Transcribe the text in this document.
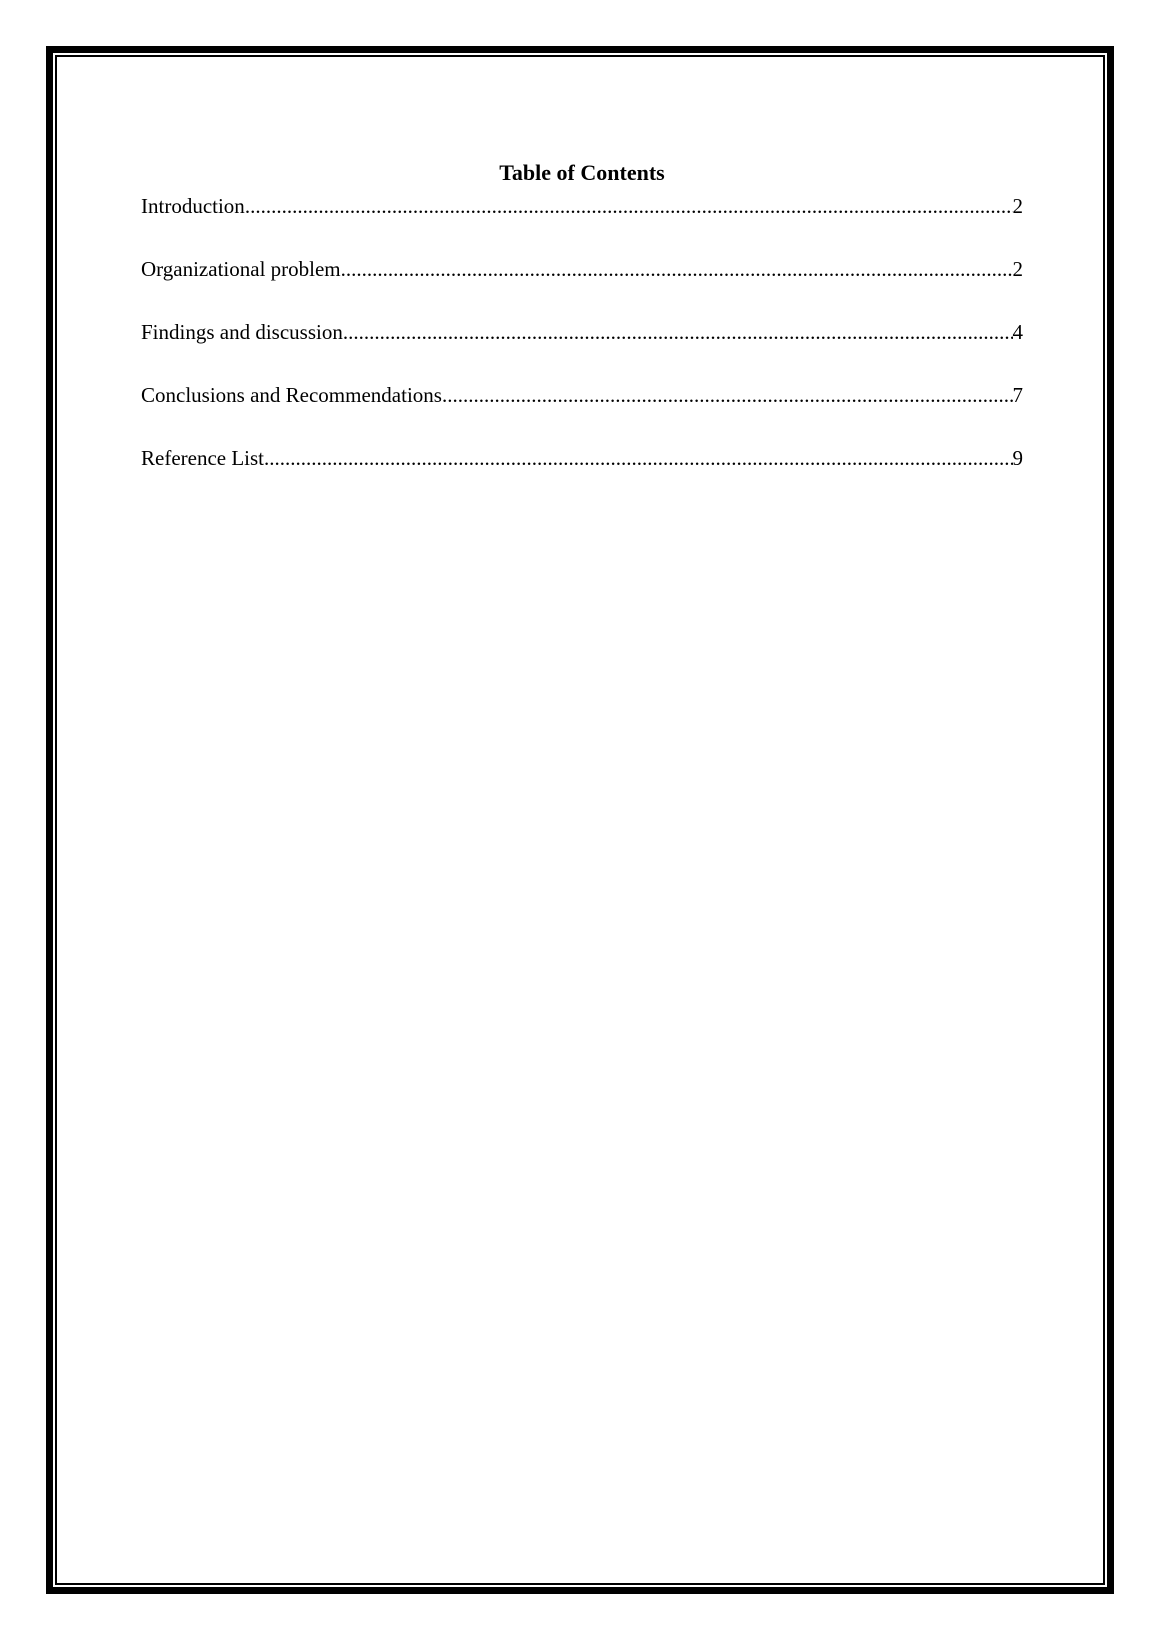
Table of Contents
Introduction .....	2
Organizational problem .....	2
Findings and discussion .....	4
Conclusions and Recommendations .....	7
Reference List .....	9
